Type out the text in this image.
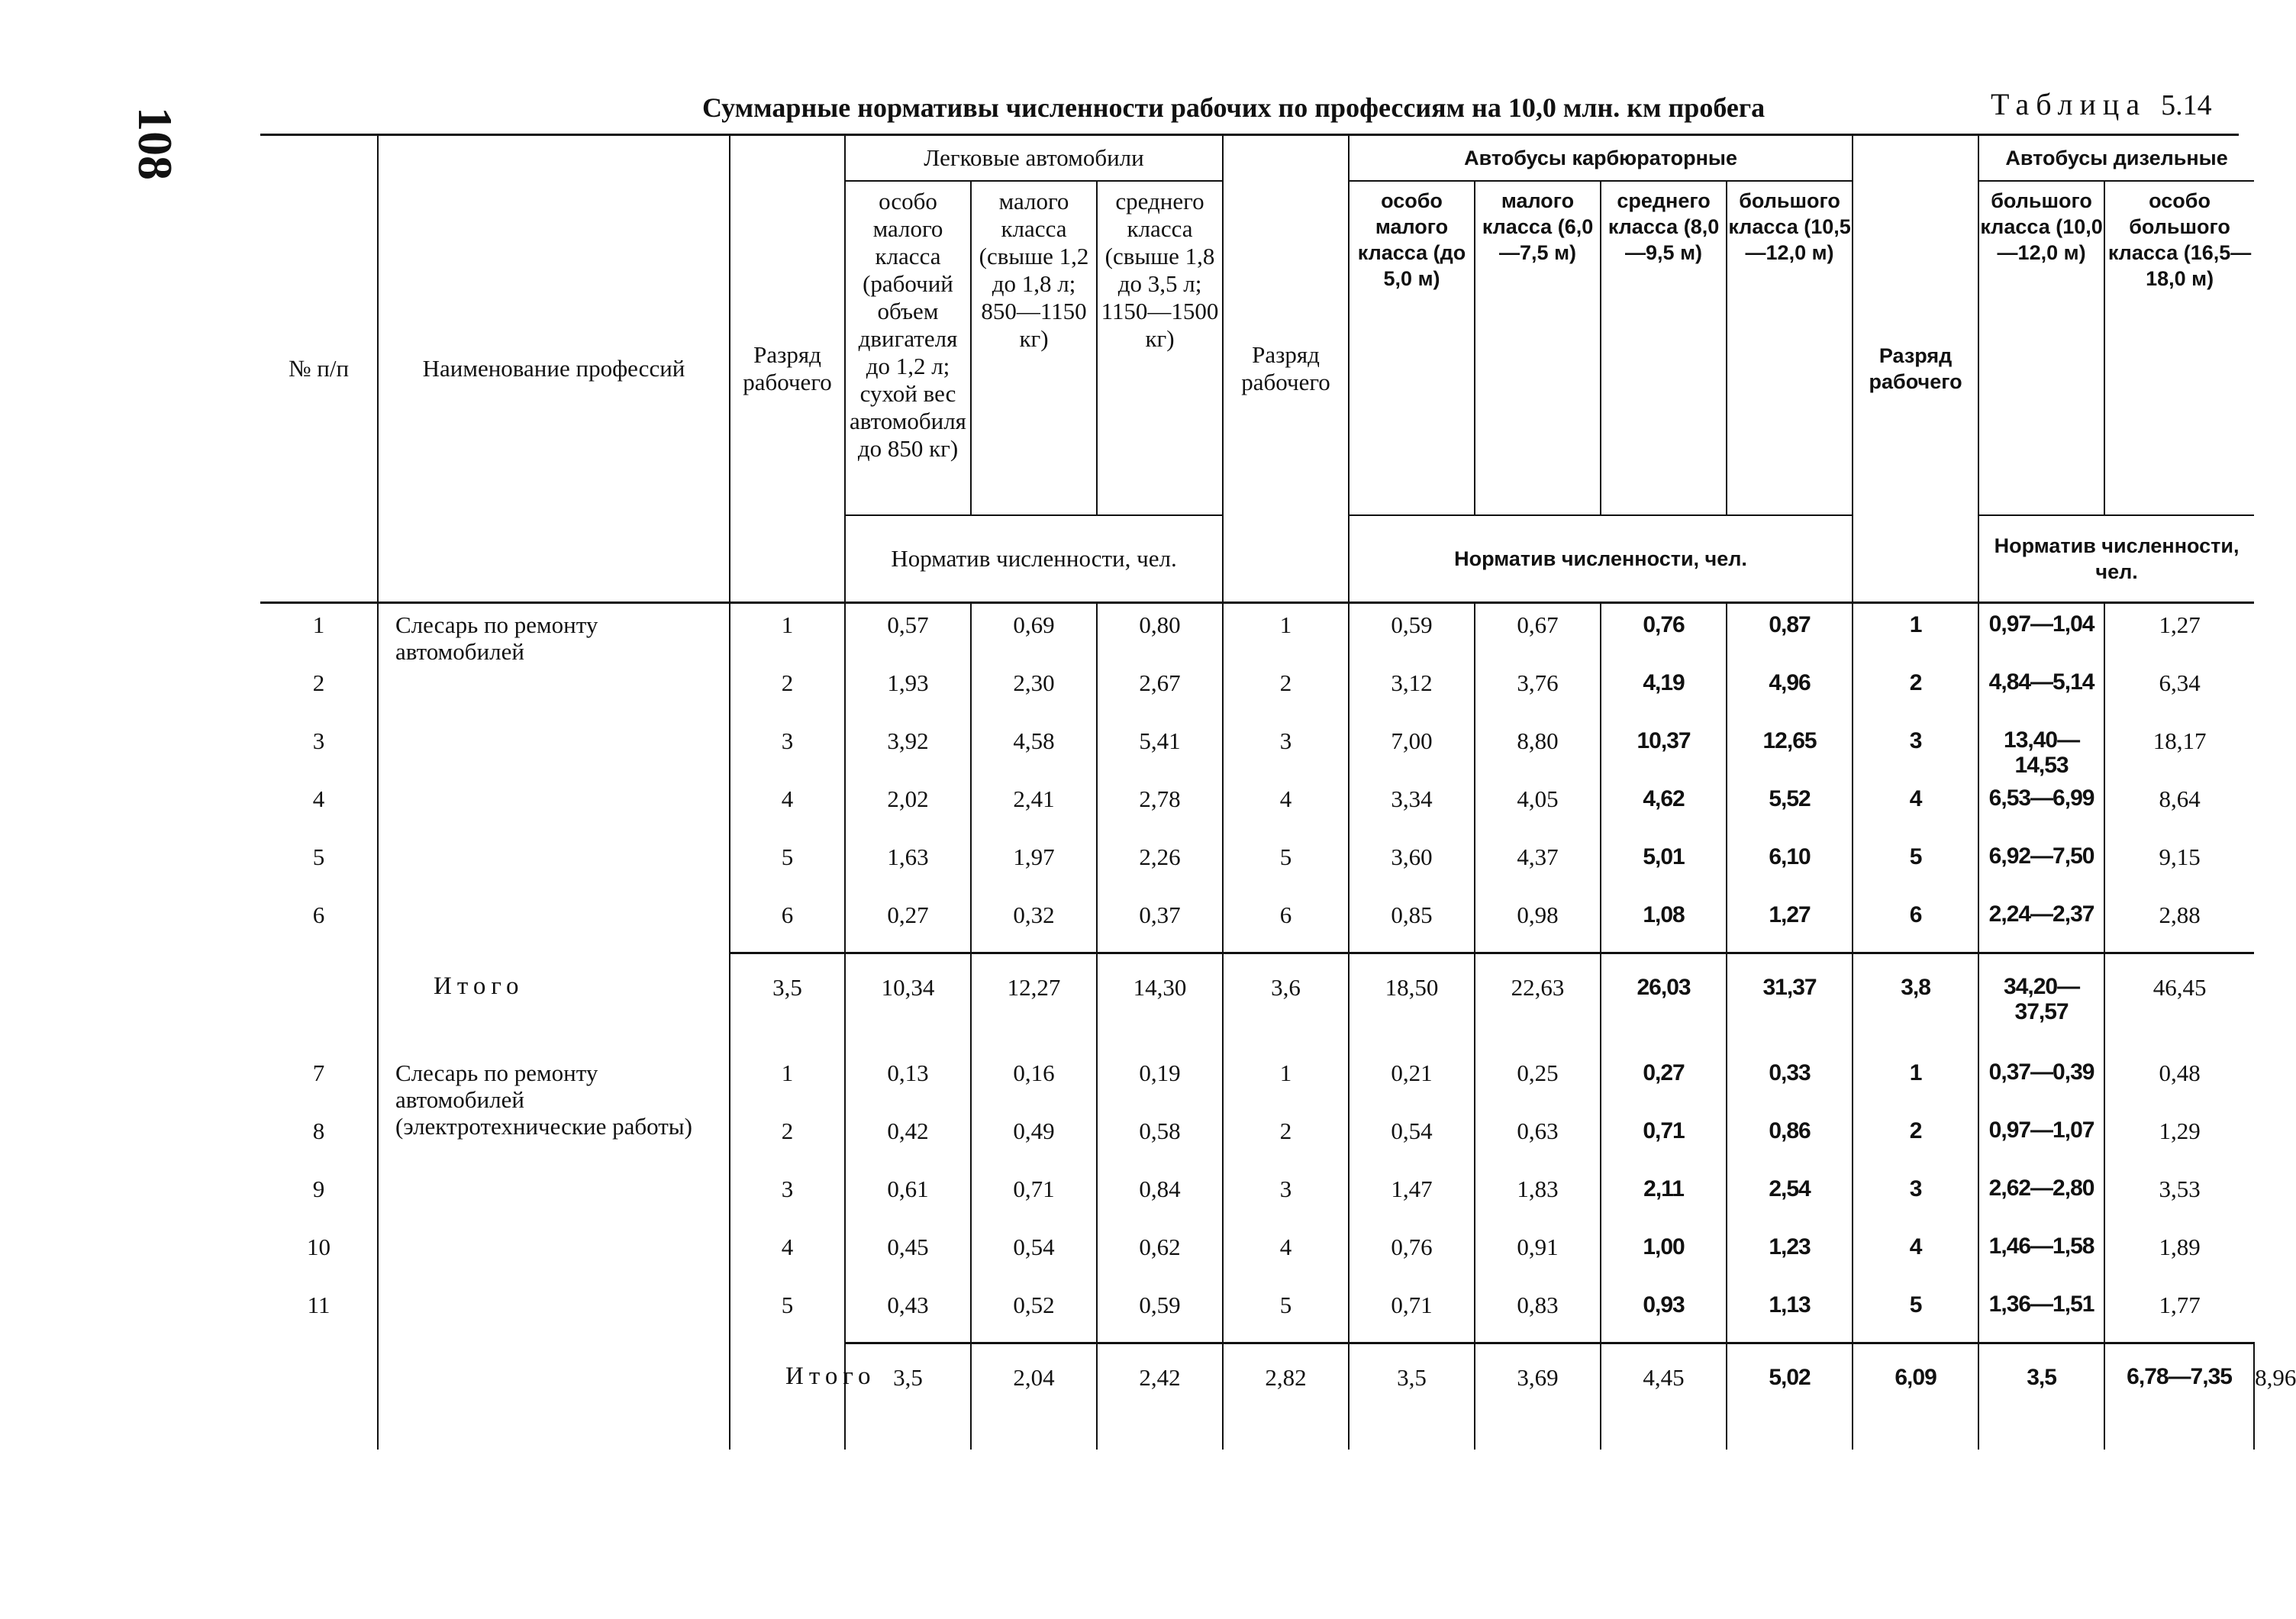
108	Суммарные нормативы численности рабочих по профессиям на 10,0 млн. км пробега	Таблица 5.14
№ п/п	Наименование профессий	Разряд рабочего	Легковые автомобили			Разряд рабочего	Автобусы карбюраторные				Разряд рабочего	Автобусы дизельные		
			особо малого класса (рабочий объем двигателя до 1,2 л; сухой вес автомобиля до 850 кг)	малого класса (свыше 1,2 до 1,8 л; 850—1150 кг)	среднего класса (свыше 1,8 до 3,5 л; 1150—1500 кг)		особо малого класса (до 5,0 м)	малого класса (6,0—7,5 м)	среднего класса (8,0—9,5 м)	большого класса (10,5—12,0 м)		большого класса (10,0—12,0 м)	особо большого класса (16,5—18,0 м)	
			Норматив численности, чел.				Норматив численности, чел.					Норматив численности, чел.		
1	Слесарь по ремонту автомобилей	1	0,57	0,69	0,80	1	0,59	0,67	0,76	0,87	1	0,97—1,04	1,27	
2		2	1,93	2,30	2,67	2	3,12	3,76	4,19	4,96	2	4,84—5,14	6,34	
3		3	3,92	4,58	5,41	3	7,00	8,80	10,37	12,65	3	13,40—14,53	18,17	
4		4	2,02	2,41	2,78	4	3,34	4,05	4,62	5,52	4	6,53—6,99	8,64	
5		5	1,63	1,97	2,26	5	3,60	4,37	5,01	6,10	5	6,92—7,50	9,15	
6		6	0,27	0,32	0,37	6	0,85	0,98	1,08	1,27	6	2,24—2,37	2,88	
	Итого	3,5	10,34	12,27	14,30	3,6	18,50	22,63	26,03	31,37	3,8	34,20—37,57	46,45	
7	Слесарь по ремонту автомобилей (электротехнические работы)	1	0,13	0,16	0,19	1	0,21	0,25	0,27	0,33	1	0,37—0,39	0,48	
8		2	0,42	0,49	0,58	2	0,54	0,63	0,71	0,86	2	0,97—1,07	1,29	
9		3	0,61	0,71	0,84	3	1,47	1,83	2,11	2,54	3	2,62—2,80	3,53	
10		4	0,45	0,54	0,62	4	0,76	0,91	1,00	1,23	4	1,46—1,58	1,89	
11		5	0,43	0,52	0,59	5	0,71	0,83	0,93	1,13	5	1,36—1,51	1,77	
		Итого	3,5	2,04	2,42	2,82	3,5	3,69	4,45	5,02	6,09	3,5	6,78—7,35	8,96
